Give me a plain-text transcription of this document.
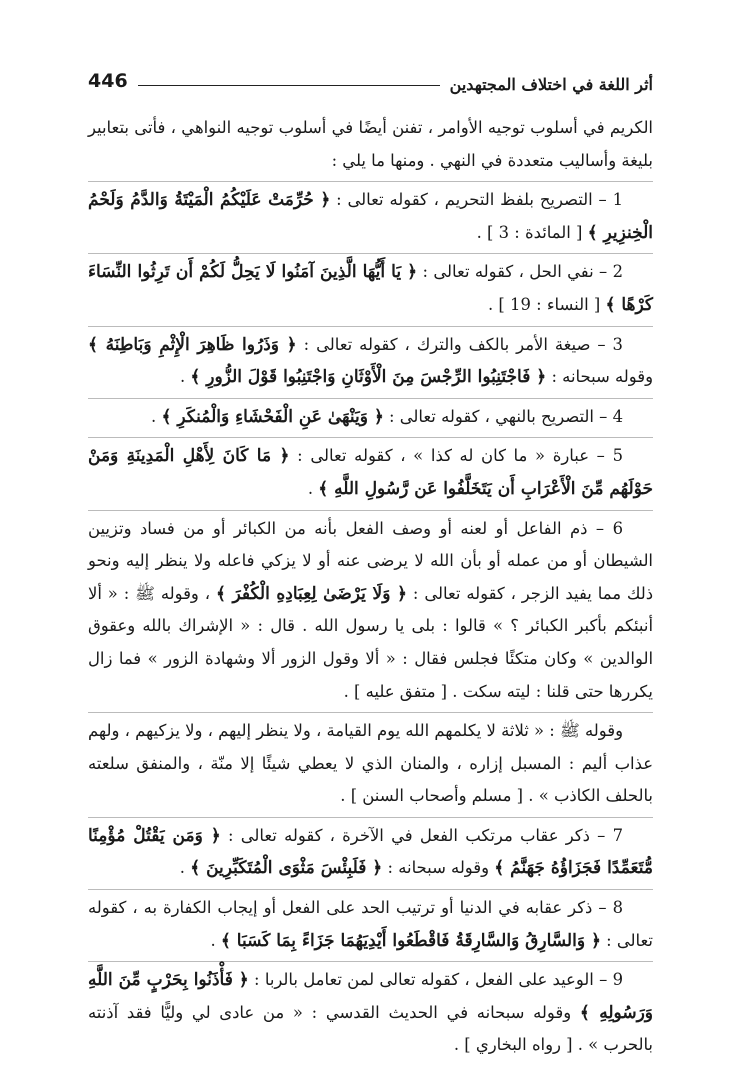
446	أثر اللغة في اختلاف المجتهدين

الكريم في أسلوب توجيه الأوامر ، تفنن أيضًا في أسلوب توجيه النواهي ، فأتى بتعابير بليغة وأساليب متعددة في النهي . ومنها ما يلي :

1 – التصريح بلفظ التحريم ، كقوله تعالى : ﴿ حُرِّمَتْ عَلَيْكُمُ الْمَيْتَةُ وَالدَّمُ وَلَحْمُ الْخِنزِيرِ ﴾ [ المائدة : 3 ] .

2 – نفي الحل ، كقوله تعالى : ﴿ يَا أَيُّهَا الَّذِينَ آمَنُوا لَا يَحِلُّ لَكُمْ أَن تَرِثُوا النِّسَاءَ كَرْهًا ﴾ [ النساء : 19 ] .

3 – صيغة الأمر بالكف والترك ، كقوله تعالى : ﴿ وَذَرُوا ظَاهِرَ الْإِثْمِ وَبَاطِنَهُ ﴾ وقوله سبحانه : ﴿ فَاجْتَنِبُوا الرِّجْسَ مِنَ الْأَوْثَانِ وَاجْتَنِبُوا قَوْلَ الزُّورِ ﴾ .

4 – التصريح بالنهي ، كقوله تعالى : ﴿ وَيَنْهَىٰ عَنِ الْفَحْشَاءِ وَالْمُنكَرِ ﴾ .

5 – عبارة « ما كان له كذا » ، كقوله تعالى : ﴿ مَا كَانَ لِأَهْلِ الْمَدِينَةِ وَمَنْ حَوْلَهُم مِّنَ الْأَعْرَابِ أَن يَتَخَلَّفُوا عَن رَّسُولِ اللَّهِ ﴾ .

6 – ذم الفاعل أو لعنه أو وصف الفعل بأنه من الكبائر أو من فساد وتزيين الشيطان أو من عمله أو بأن الله لا يرضى عنه أو لا يزكي فاعله ولا ينظر إليه ونحو ذلك مما يفيد الزجر ، كقوله تعالى : ﴿ وَلَا يَرْضَىٰ لِعِبَادِهِ الْكُفْرَ ﴾ ، وقوله ﷺ : « ألا أنبئكم بأكبر الكبائر ؟ » قالوا : بلى يا رسول الله . قال : « الإشراك بالله وعقوق الوالدين » وكان متكئًا فجلس فقال : « ألا وقول الزور ألا وشهادة الزور » فما زال يكررها حتى قلنا : ليته سكت . [ متفق عليه ] .

وقوله ﷺ : « ثلاثة لا يكلمهم الله يوم القيامة ، ولا ينظر إليهم ، ولا يزكيهم ، ولهم عذاب أليم : المسبل إزاره ، والمنان الذي لا يعطي شيئًا إلا منّة ، والمنفق سلعته بالحلف الكاذب » . [ مسلم وأصحاب السنن ] .

7 – ذكر عقاب مرتكب الفعل في الآخرة ، كقوله تعالى : ﴿ وَمَن يَقْتُلْ مُؤْمِنًا مُّتَعَمِّدًا فَجَزَاؤُهُ جَهَنَّمُ ﴾ وقوله سبحانه : ﴿ فَلَبِئْسَ مَثْوَى الْمُتَكَبِّرِينَ ﴾ .

8 – ذكر عقابه في الدنيا أو ترتيب الحد على الفعل أو إيجاب الكفارة به ، كقوله تعالى : ﴿ وَالسَّارِقُ وَالسَّارِقَةُ فَاقْطَعُوا أَيْدِيَهُمَا جَزَاءً بِمَا كَسَبَا ﴾ .

9 – الوعيد على الفعل ، كقوله تعالى لمن تعامل بالربا : ﴿ فَأْذَنُوا بِحَرْبٍ مِّنَ اللَّهِ وَرَسُولِهِ ﴾ وقوله سبحانه في الحديث القدسي : « من عادى لي وليًّا فقد آذنته بالحرب » . [ رواه البخاري ] .
